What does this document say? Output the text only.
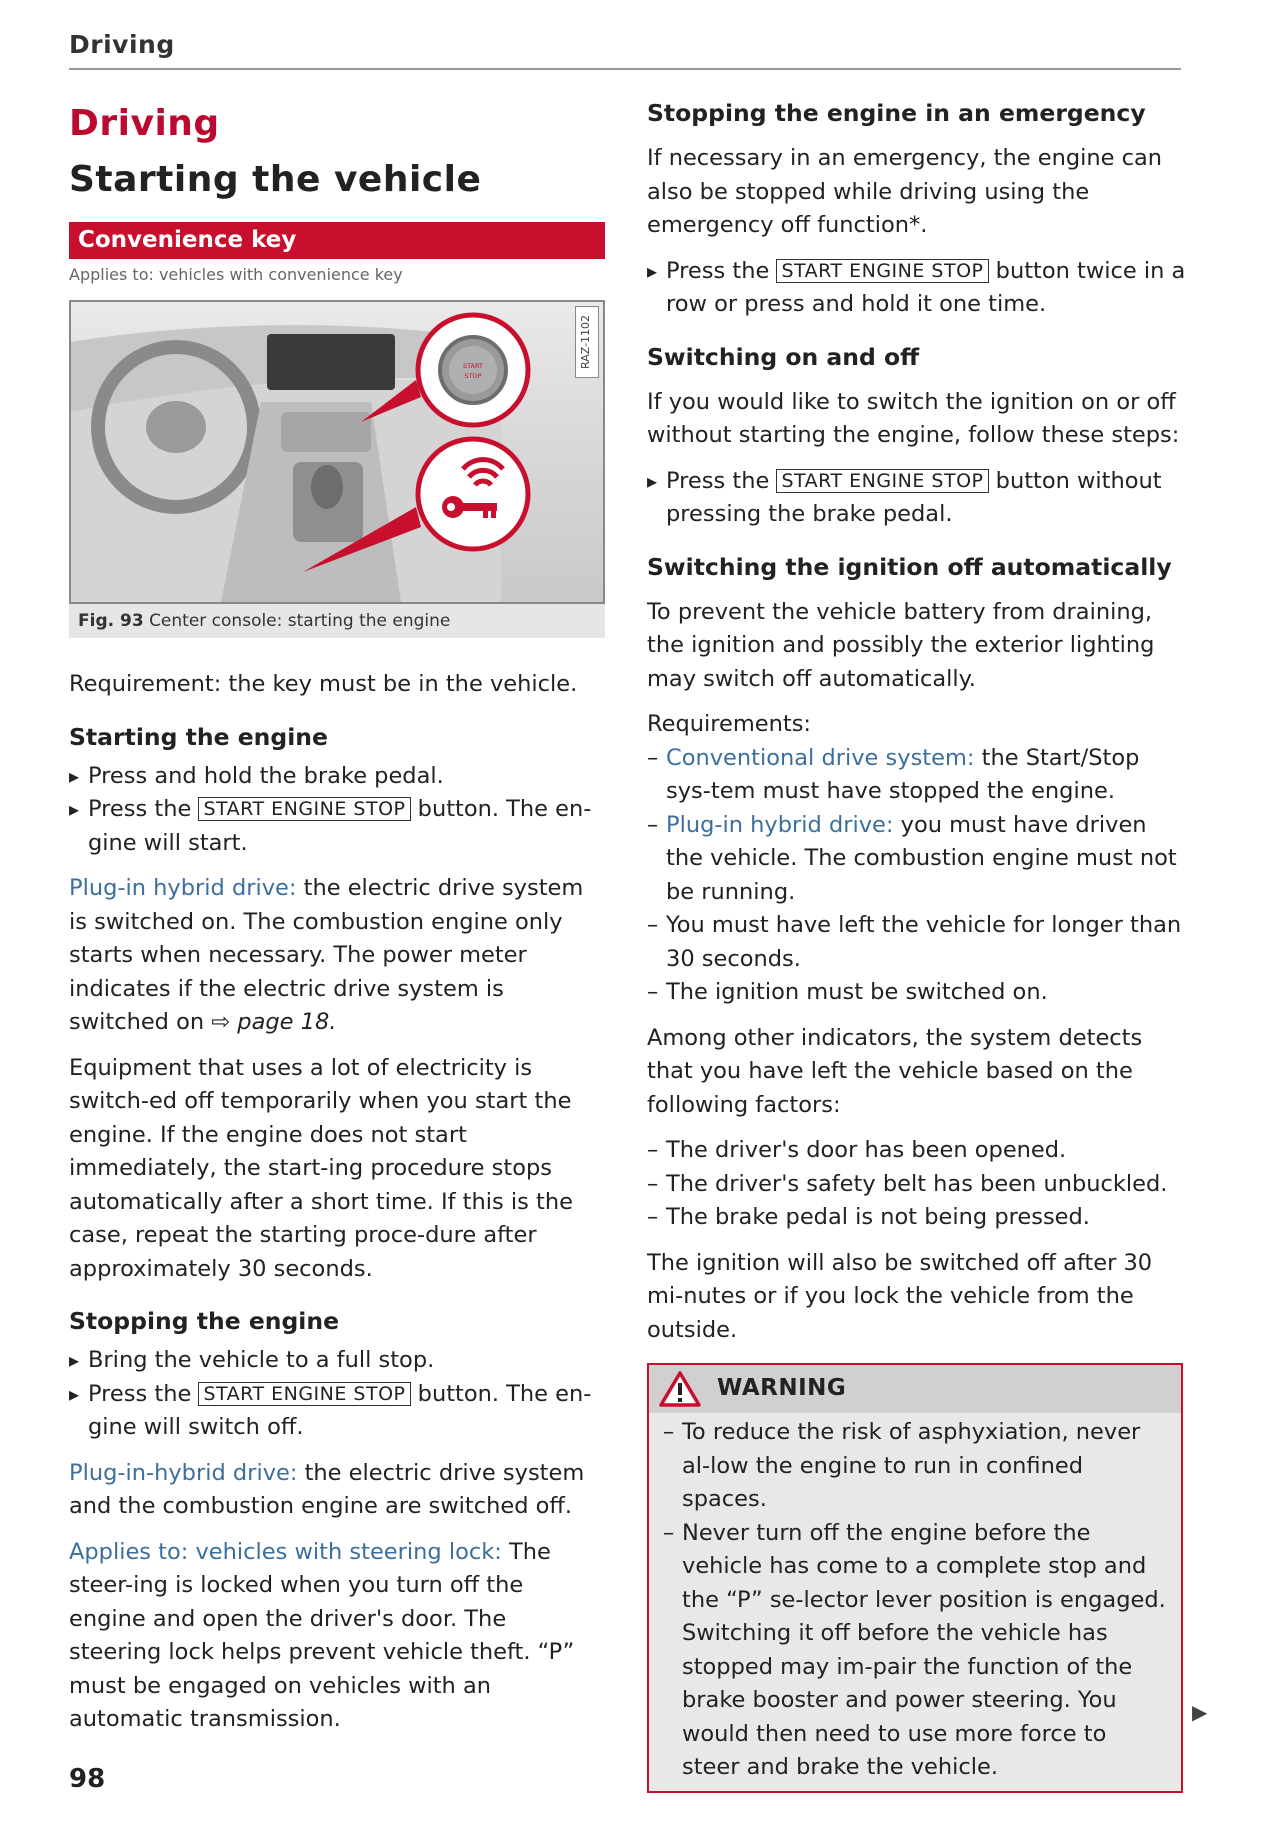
Driving
Driving
Starting the vehicle
Convenience key
Applies to: vehicles with convenience key
START
STOP
RAZ-1102
Fig. 93 Center console: starting the engine

Requirement: the key must be in the vehicle.

Starting the engine

▸ Press and hold the brake pedal.

▸ Press the START ENGINE STOP button. The en-gine will start.

Plug-in hybrid drive: the electric drive system is switched on. The combustion engine only starts when necessary. The power meter indicates if the electric drive system is switched on ⇨ page 18.

Equipment that uses a lot of electricity is switch-ed off temporarily when you start the engine. If the engine does not start immediately, the start-ing procedure stops automatically after a short time. If this is the case, repeat the starting proce-dure after approximately 30 seconds.

Stopping the engine

▸ Bring the vehicle to a full stop.

▸ Press the START ENGINE STOP button. The en-gine will switch off.

Plug-in-hybrid drive: the electric drive system and the combustion engine are switched off.

Applies to: vehicles with steering lock: The steer-ing is locked when you turn off the engine and open the driver's door. The steering lock helps prevent vehicle theft. “P” must be engaged on vehicles with an automatic transmission.

Stopping the engine in an emergency

If necessary in an emergency, the engine can also be stopped while driving using the emergency off function*.

▸ Press the START ENGINE STOP button twice in a row or press and hold it one time.

Switching on and off

If you would like to switch the ignition on or off without starting the engine, follow these steps:

▸ Press the START ENGINE STOP button without pressing the brake pedal.

Switching the ignition off automatically

To prevent the vehicle battery from draining, the ignition and possibly the exterior lighting may switch off automatically.

Requirements:

– Conventional drive system: the Start/Stop sys-tem must have stopped the engine.

– Plug-in hybrid drive: you must have driven the vehicle. The combustion engine must not be running.

– You must have left the vehicle for longer than 30 seconds.

– The ignition must be switched on.

Among other indicators, the system detects that you have left the vehicle based on the following factors:

– The driver's door has been opened.

– The driver's safety belt has been unbuckled.

– The brake pedal is not being pressed.

The ignition will also be switched off after 30 mi-nutes or if you lock the vehicle from the outside.

WARNING

– To reduce the risk of asphyxiation, never al-low the engine to run in confined spaces.

– Never turn off the engine before the vehicle has come to a complete stop and the “P” se-lector lever position is engaged. Switching it off before the vehicle has stopped may im-pair the function of the brake booster and power steering. You would then need to use more force to steer and brake the vehicle.

▶
98
